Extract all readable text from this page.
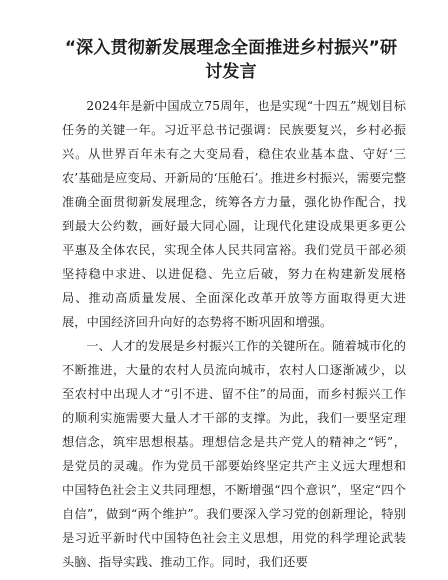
“深入贯彻新发展理念全面推进乡村振兴”研讨发言

2024年是新中国成立75周年，也是实现“十四五”规划目标任务的关键一年。习近平总书记强调：民族要复兴，乡村必振兴。从世界百年未有之大变局看，稳住农业基本盘、守好‘三农’基础是应变局、开新局的‘压舱石’。推进乡村振兴，需要完整准确全面贯彻新发展理念，统筹各方力量，强化协作配合，找到最大公约数，画好最大同心圆，让现代化建设成果更多更公平惠及全体农民，实现全体人民共同富裕。我们党员干部必须坚持稳中求进、以进促稳、先立后破，努力在构建新发展格局、推动高质量发展、全面深化改革开放等方面取得更大进展，中国经济回升向好的态势将不断巩固和增强。

一、人才的发展是乡村振兴工作的关键所在。随着城市化的不断推进，大量的农村人员流向城市，农村人口逐渐减少，以至农村中出现人才“引不进、留不住”的局面，而乡村振兴工作的顺利实施需要大量人才干部的支撑。为此，我们一要坚定理想信念，筑牢思想根基。理想信念是共产党人的精神之“钙”，是党员的灵魂。作为党员干部要始终坚定共产主义远大理想和中国特色社会主义共同理想，不断增强“四个意识”，坚定“四个自信”，做到“两个维护”。我们要深入学习党的创新理论，特别是习近平新时代中国特色社会主义思想，用党的科学理论武装头脑、指导实践、推动工作。同时，我们还要
